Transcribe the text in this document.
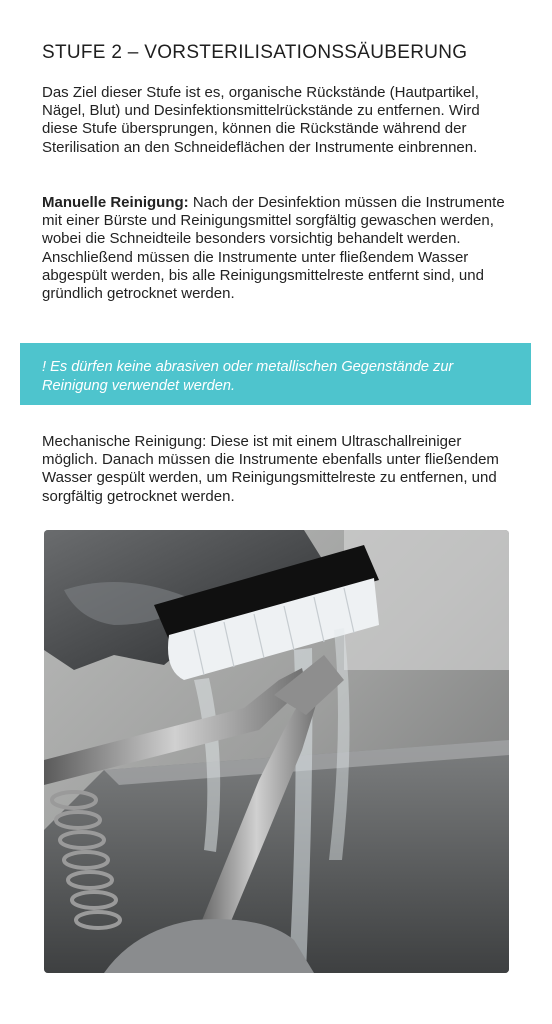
STUFE 2 – VORSTERILISATIONSSÄUBERUNG

Das Ziel dieser Stufe ist es, organische Rückstände (Hautpartikel, Nägel, Blut) und Desinfektionsmittelrückstände zu entfernen. Wird diese Stufe übersprungen, können die Rückstände während der Sterilisation an den Schneideflächen der Instrumente einbrennen.

Manuelle Reinigung: Nach der Desinfektion müssen die Instrumente mit einer Bürste und Reinigungsmittel sorgfältig gewaschen werden, wobei die Schneidteile besonders vorsichtig behandelt werden. Anschließend müssen die Instrumente unter fließendem Wasser abgespült werden, bis alle Reinigungsmittelreste entfernt sind, und gründlich getrocknet werden.

! Es dürfen keine abrasiven oder metallischen Gegenstände zur Reinigung verwendet werden.

Mechanische Reinigung: Diese ist mit einem Ultraschallreiniger möglich. Danach müssen die Instrumente ebenfalls unter fließendem Wasser gespült werden, um Reinigungsmittelreste zu entfernen, und sorgfältig getrocknet werden.
